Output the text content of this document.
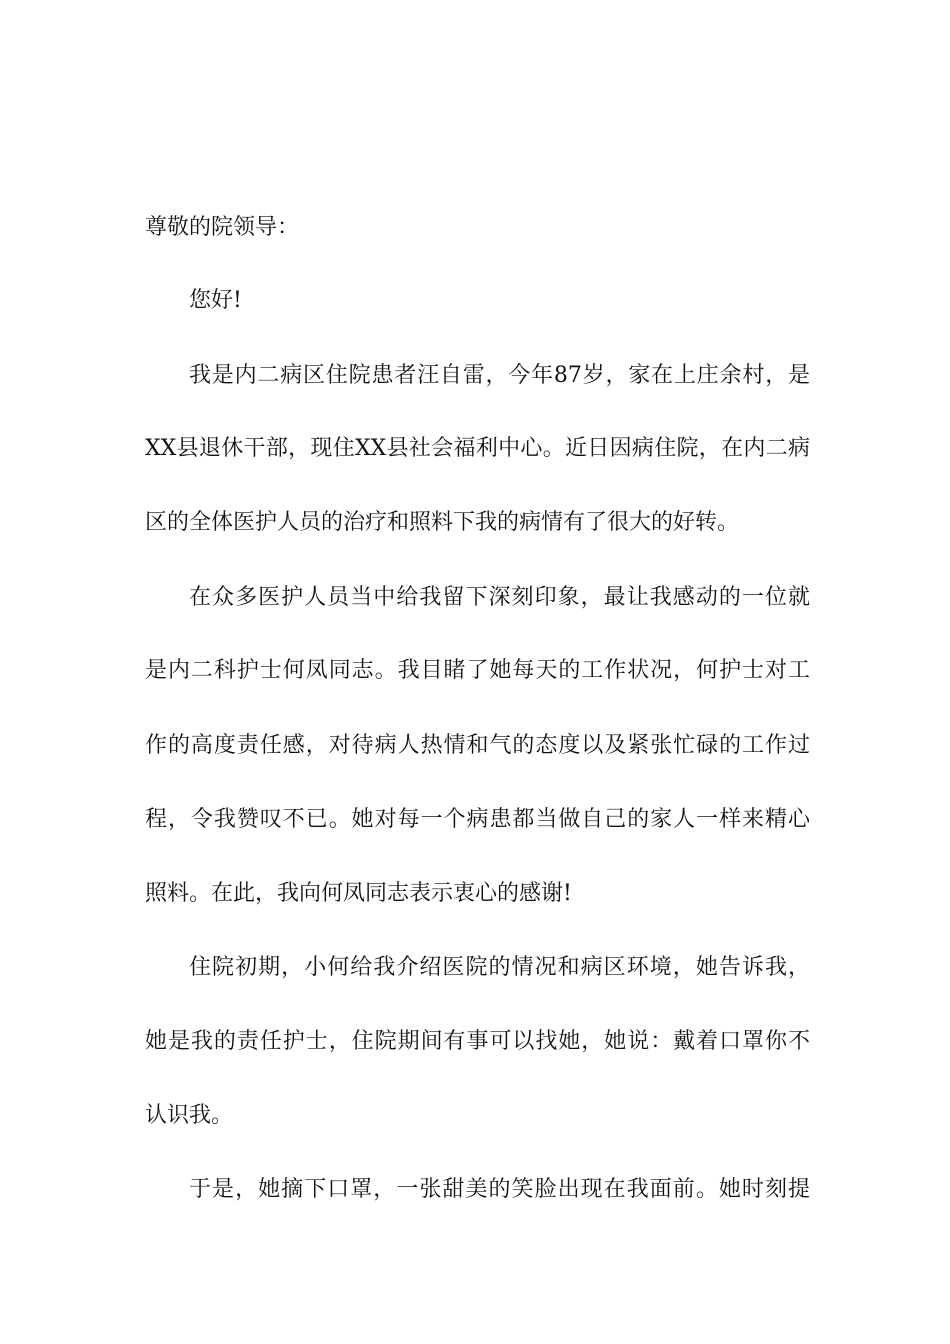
尊敬的院领导：
您好!
我是内二病区住院患者汪自雷，今年87岁，家在上庄余村，是
XX县退休干部，现住XX县社会福利中心。近日因病住院，在内二病
区的全体医护人员的治疗和照料下我的病情有了很大的好转。
在众多医护人员当中给我留下深刻印象，最让我感动的一位就
是内二科护士何凤同志。我目睹了她每天的工作状况，何护士对工
作的高度责任感，对待病人热情和气的态度以及紧张忙碌的工作过
程，令我赞叹不已。她对每一个病患都当做自己的家人一样来精心
照料。在此，我向何凤同志表示衷心的感谢!
住院初期，小何给我介绍医院的情况和病区环境，她告诉我，
她是我的责任护士，住院期间有事可以找她，她说：戴着口罩你不
认识我。
于是，她摘下口罩，一张甜美的笑脸出现在我面前。她时刻提
